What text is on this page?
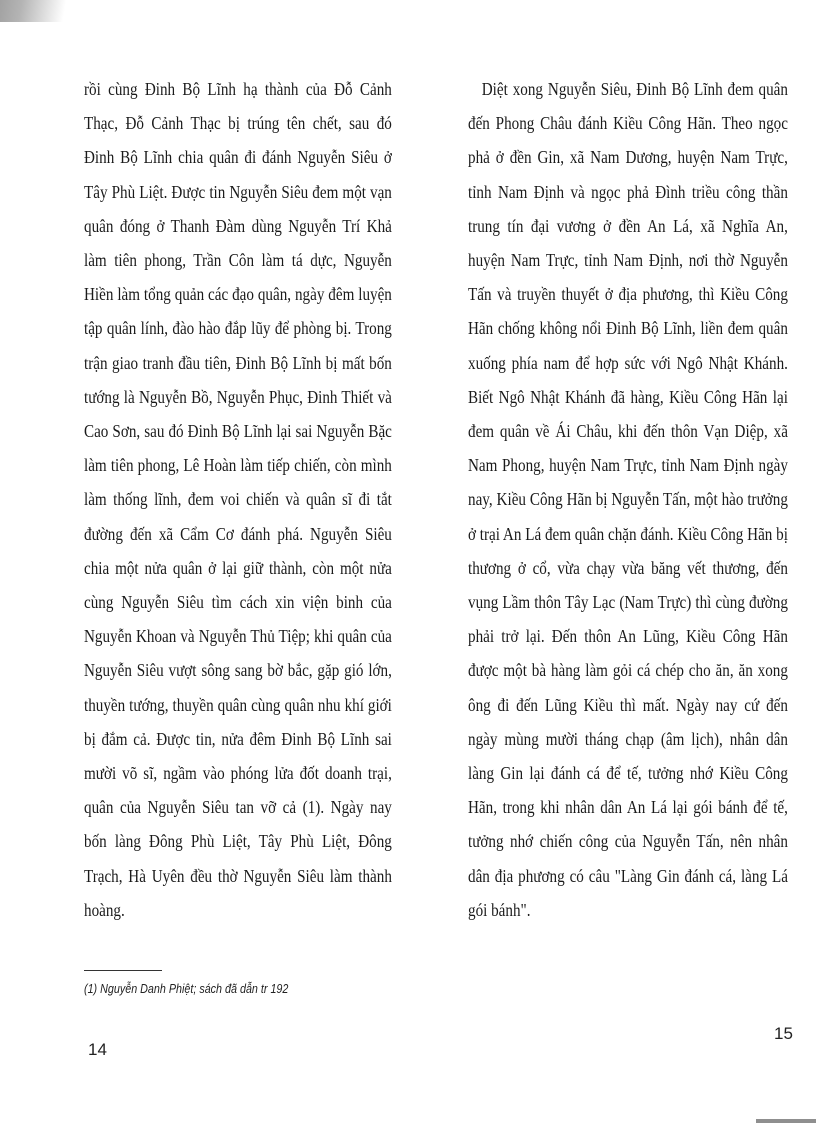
rồi cùng Đinh Bộ Lĩnh hạ thành của Đỗ Cảnh Thạc, Đỗ Cảnh Thạc bị trúng tên chết, sau đó Đinh Bộ Lĩnh chia quân đi đánh Nguyễn Siêu ở Tây Phù Liệt. Được tin Nguyễn Siêu đem một vạn quân đóng ở Thanh Đàm dùng Nguyễn Trí Khả làm tiên phong, Trần Côn làm tá dực, Nguyễn Hiền làm tổng quản các đạo quân, ngày đêm luyện tập quân lính, đào hào đắp lũy để phòng bị. Trong trận giao tranh đầu tiên, Đinh Bộ Lĩnh bị mất bốn tướng là Nguyễn Bồ, Nguyễn Phục, Đinh Thiết và Cao Sơn, sau đó Đinh Bộ Lĩnh lại sai Nguyễn Bặc làm tiên phong, Lê Hoàn làm tiếp chiến, còn mình làm thống lĩnh, đem voi chiến và quân sĩ đi tắt đường đến xã Cẩm Cơ đánh phá. Nguyễn Siêu chia một nửa quân ở lại giữ thành, còn một nửa cùng Nguyễn Siêu tìm cách xin viện binh của Nguyễn Khoan và Nguyễn Thủ Tiệp; khi quân của Nguyễn Siêu vượt sông sang bờ bắc, gặp gió lớn, thuyền tướng, thuyền quân cùng quân nhu khí giới bị đắm cả. Được tin, nửa đêm Đinh Bộ Lĩnh sai mười võ sĩ, ngầm vào phóng lửa đốt doanh trại, quân của Nguyễn Siêu tan vỡ cả (1). Ngày nay bốn làng Đông Phù Liệt, Tây Phù Liệt, Đông Trạch, Hà Uyên đều thờ Nguyễn Siêu làm thành hoàng.

(1) Nguyễn Danh Phiệt; sách đã dẫn tr 192

Diệt xong Nguyễn Siêu, Đinh Bộ Lĩnh đem quân đến Phong Châu đánh Kiều Công Hãn. Theo ngọc phả ở đền Gin, xã Nam Dương, huyện Nam Trực, tỉnh Nam Định và ngọc phả Đình triều công thần trung tín đại vương ở đền An Lá, xã Nghĩa An, huyện Nam Trực, tỉnh Nam Định, nơi thờ Nguyễn Tấn và truyền thuyết ở địa phương, thì Kiều Công Hãn chống không nổi Đinh Bộ Lĩnh, liền đem quân xuống phía nam để hợp sức với Ngô Nhật Khánh. Biết Ngô Nhật Khánh đã hàng, Kiều Công Hãn lại đem quân về Ái Châu, khi đến thôn Vạn Diệp, xã Nam Phong, huyện Nam Trực, tỉnh Nam Định ngày nay, Kiều Công Hãn bị Nguyễn Tấn, một hào trưởng ở trại An Lá đem quân chặn đánh. Kiều Công Hãn bị thương ở cổ, vừa chạy vừa băng vết thương, đến vụng Lầm thôn Tây Lạc (Nam Trực) thì cùng đường phải trở lại. Đến thôn An Lũng, Kiều Công Hãn được một bà hàng làm gỏi cá chép cho ăn, ăn xong ông đi đến Lũng Kiều thì mất. Ngày nay cứ đến ngày mùng mười tháng chạp (âm lịch), nhân dân làng Gin lại đánh cá để tế, tưởng nhớ Kiều Công Hãn, trong khi nhân dân An Lá lại gói bánh để tế, tưởng nhớ chiến công của Nguyễn Tấn, nên nhân dân địa phương có câu "Làng Gin đánh cá, làng Lá gói bánh".

14
15
